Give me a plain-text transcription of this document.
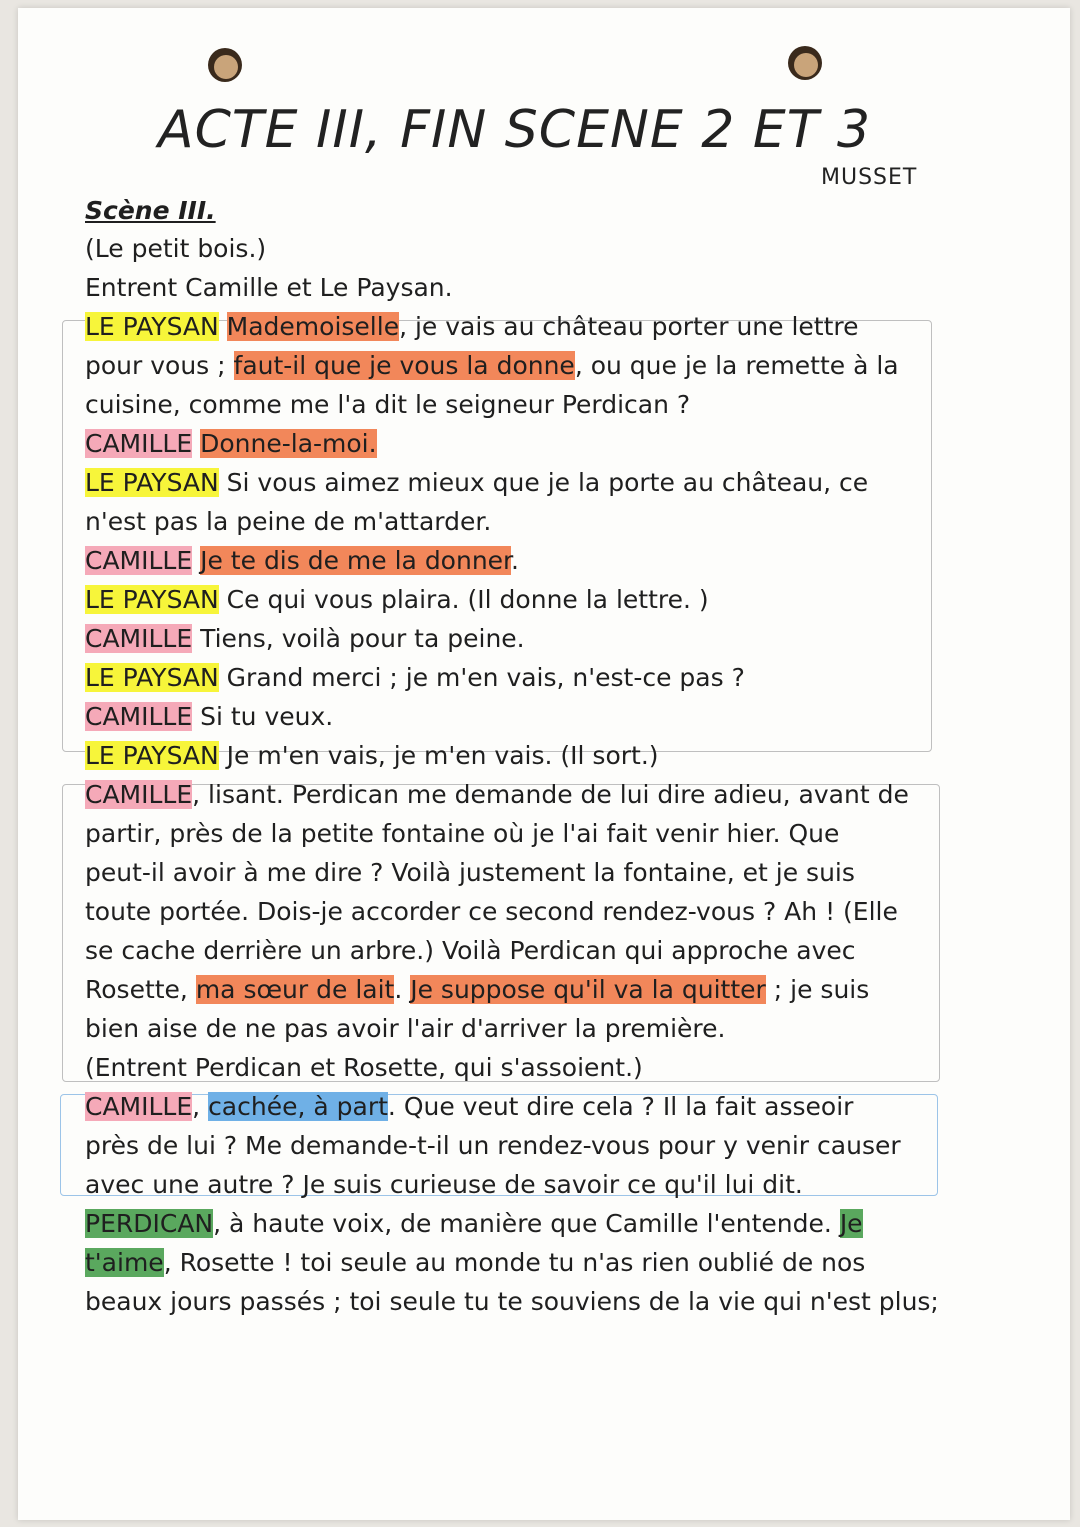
ACTE III, FIN SCENE 2 ET 3
MUSSET
Scène III.
(Le petit bois.)
Entrent Camille et Le Paysan.
LE PAYSAN Mademoiselle, je vais au château porter une lettre
pour vous ; faut-il que je vous la donne, ou que je la remette à la
cuisine, comme me l'a dit le seigneur Perdican ?
CAMILLE Donne-la-moi.
LE PAYSAN Si vous aimez mieux que je la porte au château, ce
n'est pas la peine de m'attarder.
CAMILLE Je te dis de me la donner.
LE PAYSAN Ce qui vous plaira. (Il donne la lettre. )
CAMILLE Tiens, voilà pour ta peine.
LE PAYSAN Grand merci ; je m'en vais, n'est-ce pas ?
CAMILLE Si tu veux.
LE PAYSAN Je m'en vais, je m'en vais. (Il sort.)
CAMILLE, lisant. Perdican me demande de lui dire adieu, avant de
partir, près de la petite fontaine où je l'ai fait venir hier. Que
peut-il avoir à me dire ? Voilà justement la fontaine, et je suis
toute portée. Dois-je accorder ce second rendez-vous ? Ah ! (Elle
se cache derrière un arbre.) Voilà Perdican qui approche avec
Rosette, ma sœur de lait. Je suppose qu'il va la quitter ; je suis
bien aise de ne pas avoir l'air d'arriver la première.
(Entrent Perdican et Rosette, qui s'assoient.)
CAMILLE, cachée, à part. Que veut dire cela ? Il la fait asseoir
près de lui ? Me demande-t-il un rendez-vous pour y venir causer
avec une autre ? Je suis curieuse de savoir ce qu'il lui dit.
PERDICAN, à haute voix, de manière que Camille l'entende. Je
t'aime, Rosette ! toi seule au monde tu n'as rien oublié de nos
beaux jours passés ; toi seule tu te souviens de la vie qui n'est plus;
